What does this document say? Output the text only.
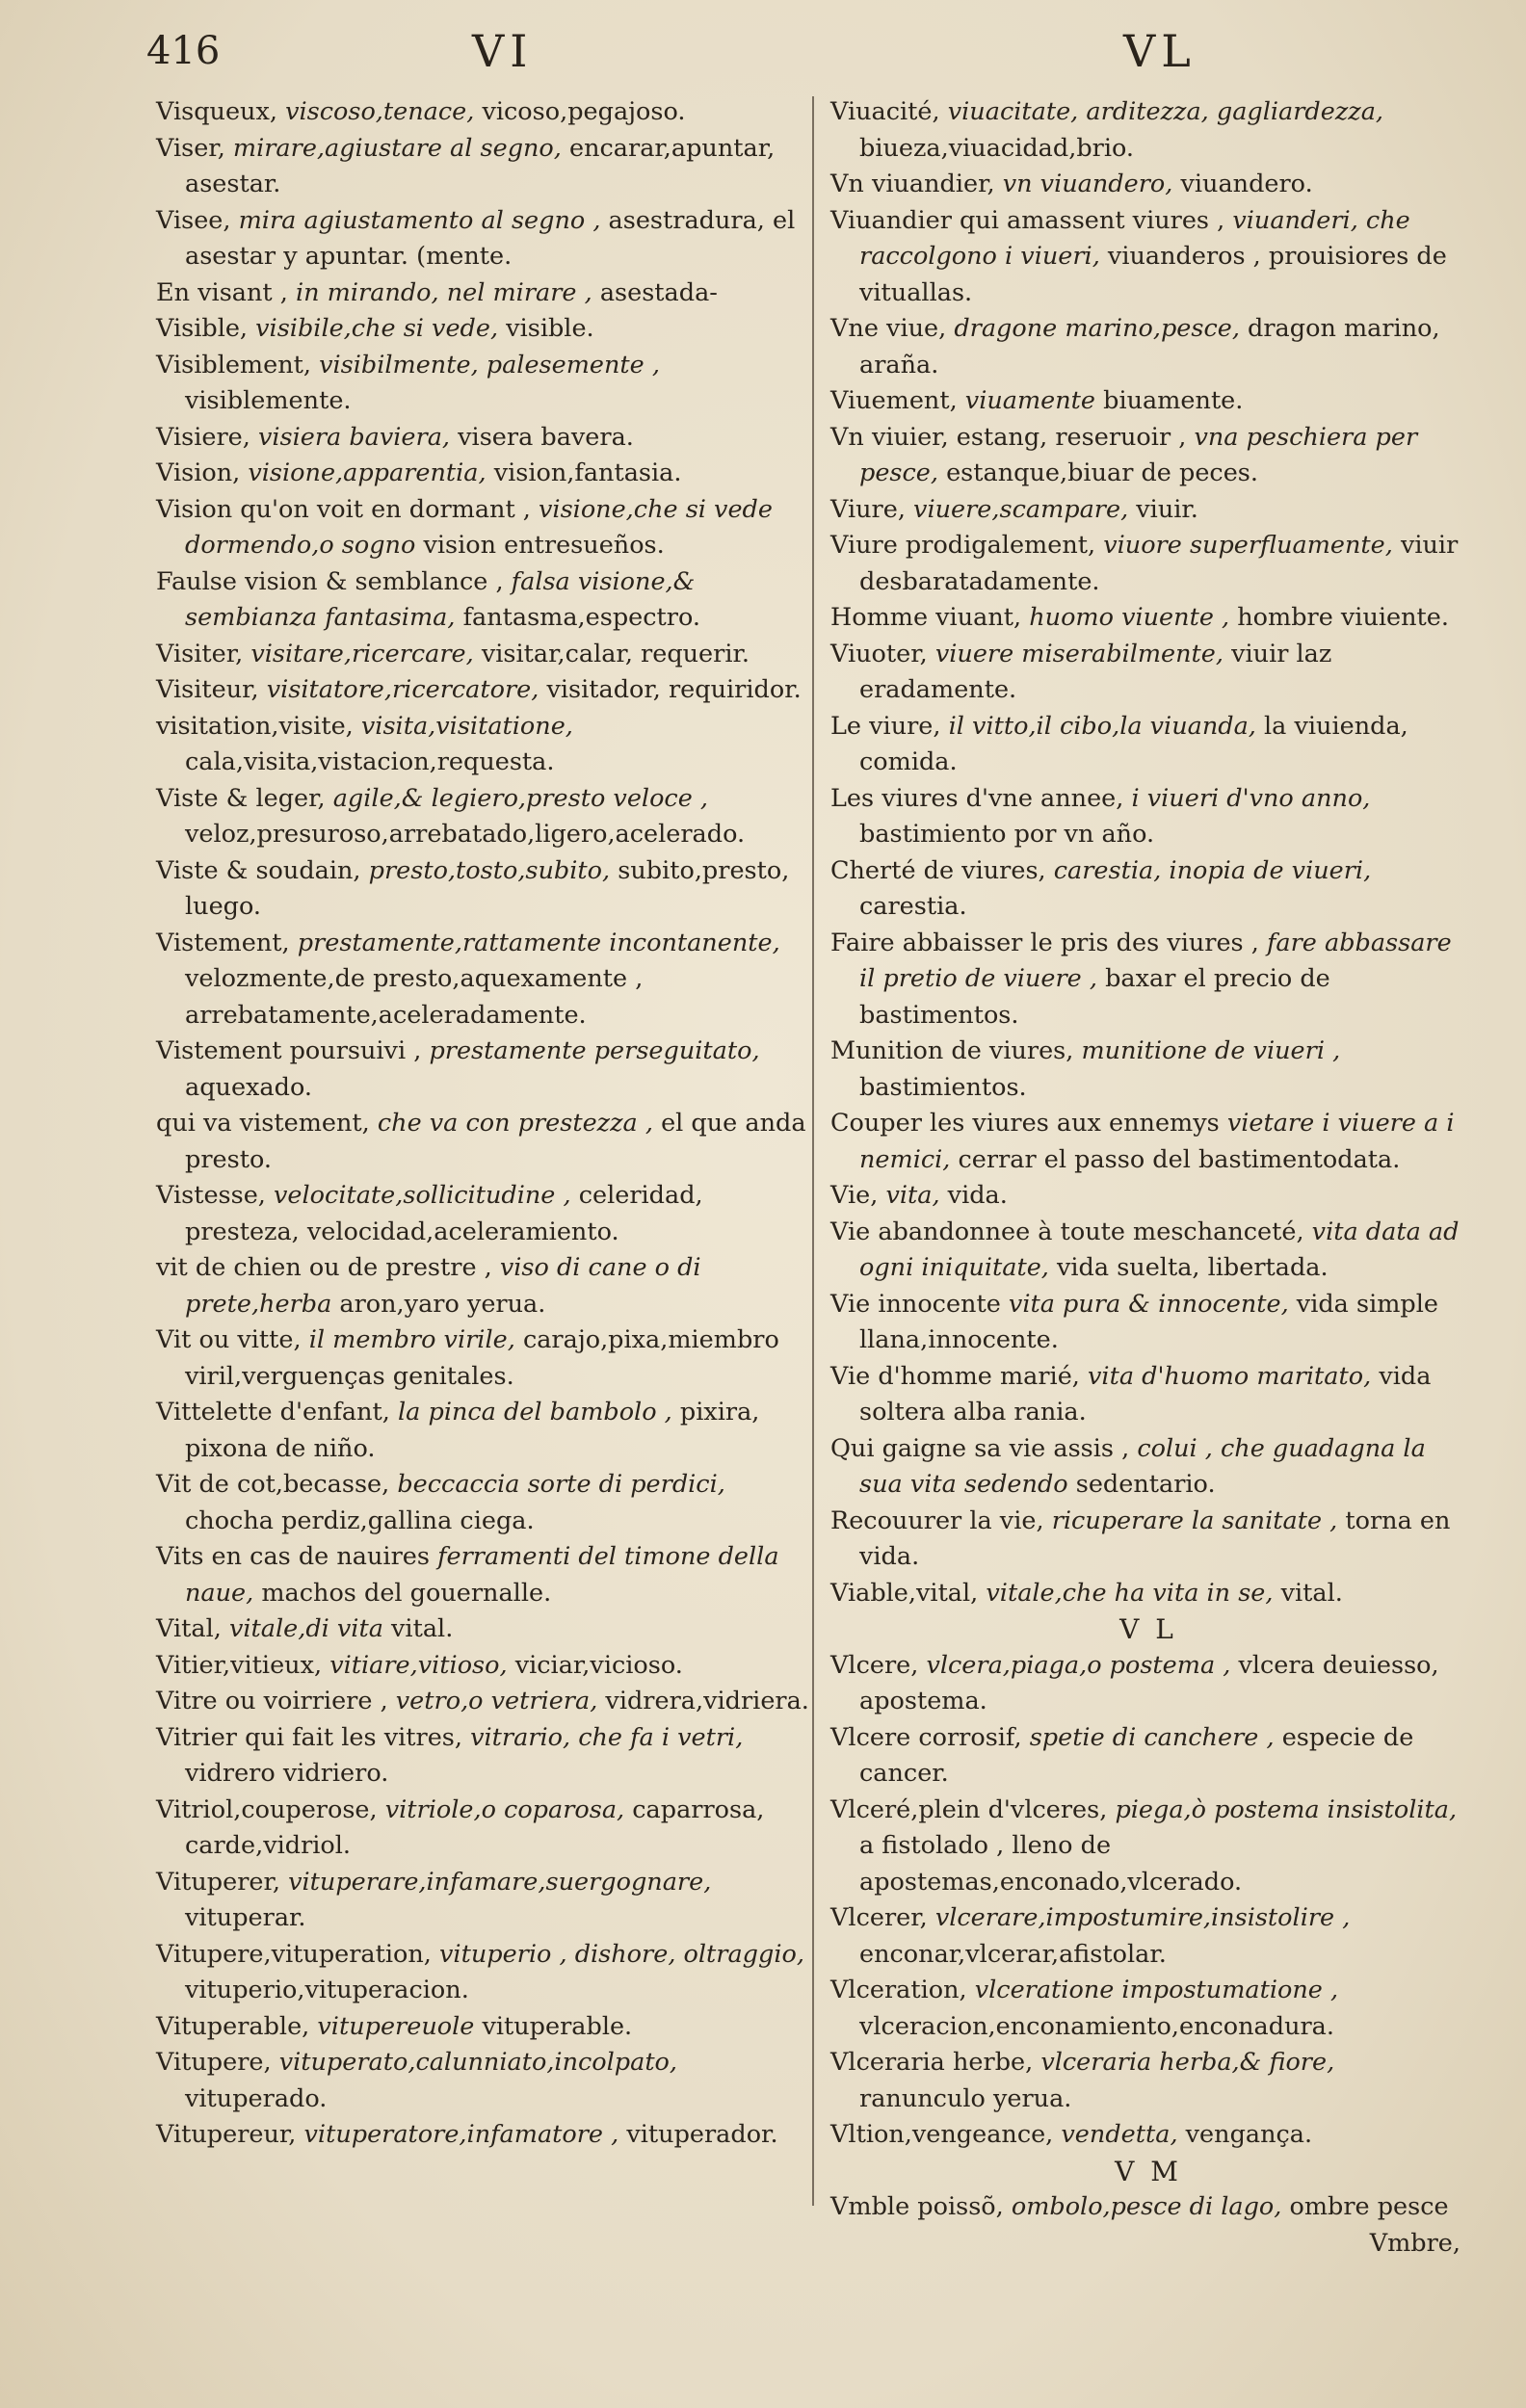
416	VI	VL

Visqueux, viscoso,tenace, vicoso,pegajoso.

Viser, mirare,agiustare al segno, encarar,apuntar, asestar.

Visee, mira agiustamento al segno , asestradura, el asestar y apuntar. (mente.

En visant , in mirando, nel mirare , asestada-

Visible, visibile,che si vede, visible.

Visiblement, visibilmente, palesemente , visiblemente.

Visiere, visiera baviera, visera bavera.

Vision, visione,apparentia, vision,fantasia.

Vision qu'on voit en dormant , visione,che si vede dormendo,o sogno vision entresueños.

Faulse vision & semblance , falsa visione,& sembianza fantasima, fantasma,espectro.

Visiter, visitare,ricercare, visitar,calar, requerir.

Visiteur, visitatore,ricercatore, visitador, requiridor.

visitation,visite, visita,visitatione, cala,visita,vistacion,requesta.

Viste & leger, agile,& legiero,presto veloce , veloz,presuroso,arrebatado,ligero,acelerado.

Viste & soudain, presto,tosto,subito, subito,presto, luego.

Vistement, prestamente,rattamente incontanente, velozmente,de presto,aquexamente , arrebatamente,aceleradamente.

Vistement poursuivi , prestamente perseguitato, aquexado.

qui va vistement, che va con prestezza , el que anda presto.

Vistesse, velocitate,sollicitudine , celeridad, presteza, velocidad,aceleramiento.

vit de chien ou de prestre , viso di cane o di prete,herba aron,yaro yerua.

Vit ou vitte, il membro virile, carajo,pixa,miembro viril,verguenças genitales.

Vittelette d'enfant, la pinca del bambolo , pixira, pixona de niño.

Vit de cot,becasse, beccaccia sorte di perdici, chocha perdiz,gallina ciega.

Vits en cas de nauires ferramenti del timone della naue, machos del gouernalle.

Vital, vitale,di vita vital.

Vitier,vitieux, vitiare,vitioso, viciar,vicioso.

Vitre ou voirriere , vetro,o vetriera, vidrera,vidriera.

Vitrier qui fait les vitres, vitrario, che fa i vetri, vidrero vidriero.

Vitriol,couperose, vitriole,o coparosa, caparrosa, carde,vidriol.

Vituperer, vituperare,infamare,suergognare, vituperar.

Vitupere,vituperation, vituperio , dishore, oltraggio, vituperio,vituperacion.

Vituperable, vitupereuole vituperable.

Vitupere, vituperato,calunniato,incolpato, vituperado.

Vitupereur, vituperatore,infamatore , vituperador.

Viuacité, viuacitate, arditezza, gagliardezza, biueza,viuacidad,brio.

Vn viuandier, vn viuandero, viuandero.

Viuandier qui amassent viures , viuanderi, che raccolgono i viueri, viuanderos , prouisiores de vituallas.

Vne viue, dragone marino,pesce, dragon marino, araña.

Viuement, viuamente biuamente.

Vn viuier, estang, reseruoir , vna peschiera per pesce, estanque,biuar de peces.

Viure, viuere,scampare, viuir.

Viure prodigalement, viuore superfluamente, viuir desbaratadamente.

Homme viuant, huomo viuente , hombre viuiente.

Viuoter, viuere miserabilmente, viuir laz eradamente.

Le viure, il vitto,il cibo,la viuanda, la viuienda, comida.

Les viures d'vne annee, i viueri d'vno anno, bastimiento por vn año.

Cherté de viures, carestia, inopia de viueri, carestia.

Faire abbaisser le pris des viures , fare abbassare il pretio de viuere , baxar el precio de bastimentos.

Munition de viures, munitione de viueri , bastimientos.

Couper les viures aux ennemys vietare i viuere a i nemici, cerrar el passo del bastimentodata.

Vie, vita, vida.

Vie abandonnee à toute meschanceté, vita data ad ogni iniquitate, vida suelta, libertada.

Vie innocente vita pura & innocente, vida simple llana,innocente.

Vie d'homme marié, vita d'huomo maritato, vida soltera alba rania.

Qui gaigne sa vie assis , colui , che guadagna la sua vita sedendo sedentario.

Recouurer la vie, ricuperare la sanitate , torna en vida.

Viable,vital, vitale,che ha vita in se, vital.

V L

Vlcere, vlcera,piaga,o postema , vlcera deuiesso, apostema.

Vlcere corrosif, spetie di canchere , especie de cancer.

Vlceré,plein d'vlceres, piega,ò postema insistolita, a fistolado , lleno de apostemas,enconado,vlcerado.

Vlcerer, vlcerare,impostumire,insistolire , enconar,vlcerar,afistolar.

Vlceration, vlceratione impostumatione , vlceracion,enconamiento,enconadura.

Vlceraria herbe, vlceraria herba,& fiore, ranunculo yerua.

Vltion,vengeance, vendetta, vengança.

V M

Vmble poissõ, ombolo,pesce di lago, ombre pesce

Vmbre,
